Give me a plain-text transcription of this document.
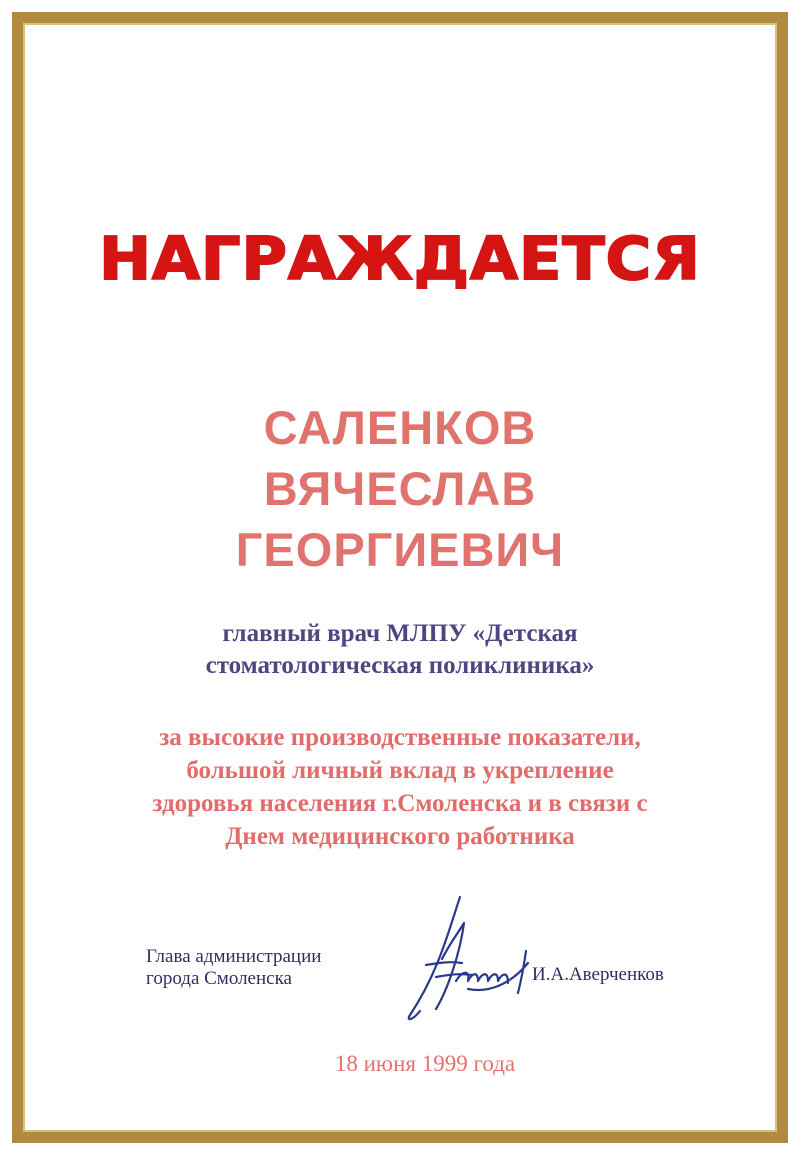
НАГРАЖДАЕТСЯ
САЛЕНКОВ
ВЯЧЕСЛАВ
ГЕОРГИЕВИЧ
главный врач МЛПУ «Детская
стоматологическая поликлиника»
за высокие производственные показатели,
большой личный вклад в укрепление
здоровья населения г.Смоленска и в связи с
Днем медицинского работника
Глава администрации
города Смоленска	И.А.Аверченков
18 июня 1999 года
